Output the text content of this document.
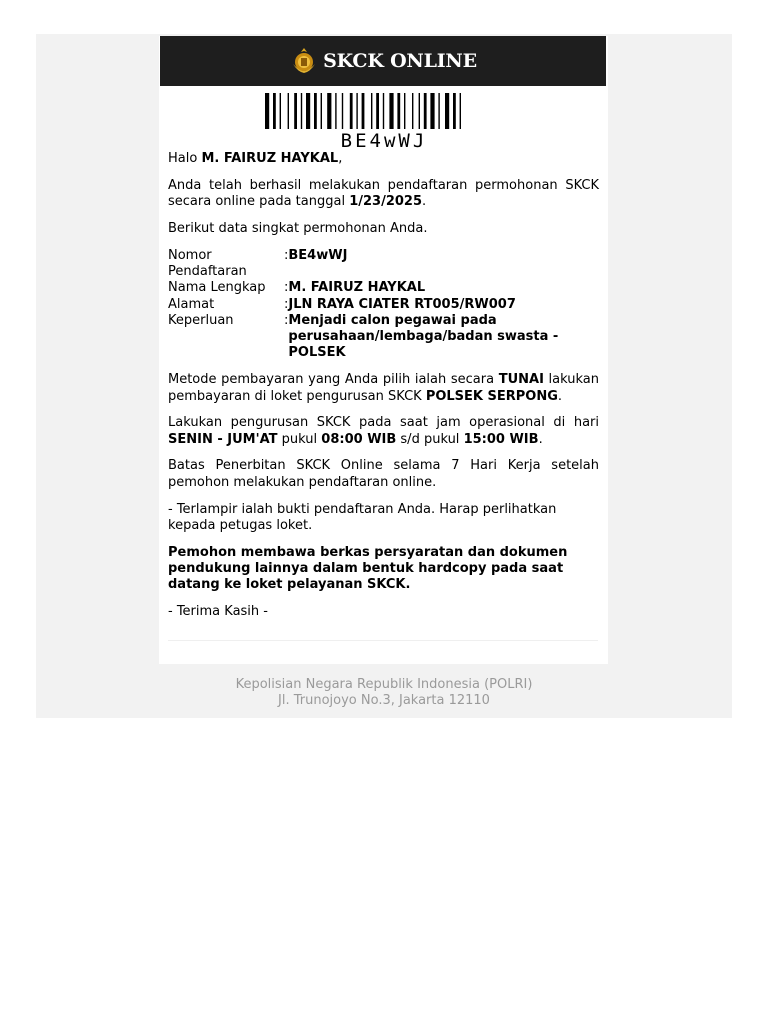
SKCK ONLINE
BE4wWJ

Halo M. FAIRUZ HAYKAL,

Anda telah berhasil melakukan pendaftaran permohonan SKCK secara online pada tanggal 1/23/2025.

Berikut data singkat permohonan Anda.

Nomor Pendaftaran	:	BE4wWJ
Nama Lengkap	:	M. FAIRUZ HAYKAL
Alamat	:	JLN RAYA CIATER RT005/RW007
Keperluan	:	Menjadi calon pegawai pada perusahaan/lembaga/badan swasta - POLSEK

Metode pembayaran yang Anda pilih ialah secara TUNAI lakukan pembayaran di loket pengurusan SKCK POLSEK SERPONG.

Lakukan pengurusan SKCK pada saat jam operasional di hari SENIN - JUM'AT pukul 08:00 WIB s/d pukul 15:00 WIB.

Batas Penerbitan SKCK Online selama 7 Hari Kerja setelah pemohon melakukan pendaftaran online.

- Terlampir ialah bukti pendaftaran Anda. Harap perlihatkan kepada petugas loket.

Pemohon membawa berkas persyaratan dan dokumen pendukung lainnya dalam bentuk hardcopy pada saat datang ke loket pelayanan SKCK.

- Terima Kasih -

Kepolisian Negara Republik Indonesia (POLRI)
Jl. Trunojoyo No.3, Jakarta 12110
